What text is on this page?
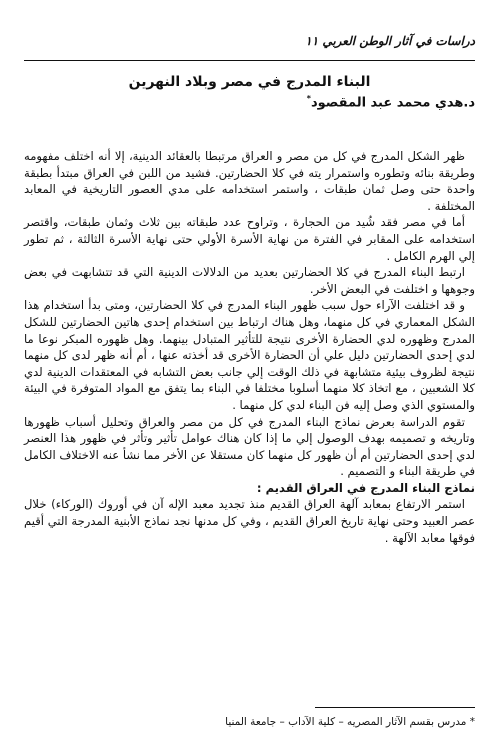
دراسات في آثار الوطن العربي ١١
البناء المدرج في مصر وبلاد النهرين
د.هدي محمد عبد المقصود*

ظهر الشكل المدرج في كل من مصر و العراق مرتبطا بالعقائد الدينية، إلا أنه اختلف مفهومه وطريقة بنائه وتطوره واستمرار يته في كلا الحضارتين. فشيد من اللبن في العراق مبتدأ بطبقة واحدة حتى وصل ثمان طبقات ، واستمر استخدامه على مدي العصور التاريخية في المعابد المختلفة .

أما في مصر فقد شُيد من الحجارة ، وتراوح عدد طبقاته بين ثلاث وثمان طبقات، واقتصر استخدامه على المقابر في الفترة من نهاية الأسرة الأولي حتى نهاية الأسرة الثالثة ، ثم تطور إلي الهرم الكامل .

ارتبط البناء المدرج في كلا الحضارتين بعديد من الدلالات الدينية التي قد تتشابهت في بعض وجوهها و اختلفت في البعض الأخر.

و قد اختلفت الآراء حول سبب ظهور البناء المدرج في كلا الحضارتين، ومتى بدأ استخدام هذا الشكل المعماري في كل منهما، وهل هناك ارتباط بين استخدام إحدى هاتين الحضارتين للشكل المدرج وظهوره لدي الحضارة الأخرى نتيجة للتأثير المتبادل بينهما. وهل ظهوره المبكر نوعا ما لدي إحدى الحضارتين دليل علي أن الحضارة الأخرى قد أخذته عنها ، أم أنه ظهر لدى كل منهما نتيجة لظروف بيئية متشابهة في ذلك الوقت إلي جانب بعض التشابه في المعتقدات الدينية لدي كلا الشعبين ، مع اتخاذ كلا منهما أسلوبا مختلفا في البناء بما يتفق مع المواد المتوفرة في البيئة والمستوي الذي وصل إليه فن البناء لدي كل منهما .

تقوم الدراسة بعرض نماذج البناء المدرج في كل من مصر والعراق وتحليل أسباب ظهورها وتاريخه و تصميمه بهدف الوصول إلي ما إذا كان هناك عوامل تأثير وتأثر في ظهور هذا العنصر لدي إحدى الحضارتين أم أن ظهور كل منهما كان مستقلا عن الأخر مما نشأ عنه الاختلاف الكامل في طريقة البناء و التصميم .

نماذج البناء المدرج في العراق القديم :

استمر الارتفاع بمعابد آلهة العراق القديم منذ تجديد معبد الإله آن في أوروك (الوركاء) خلال عصر العبيد وحتى نهاية تاريخ العراق القديم ، وفي كل مدنها نجد نماذج الأبنية المدرجة التي أقيم فوقها معابد الآلهة .

* مدرس بقسم الآثار المصريه – كلية الآداب – جامعة المنيا
